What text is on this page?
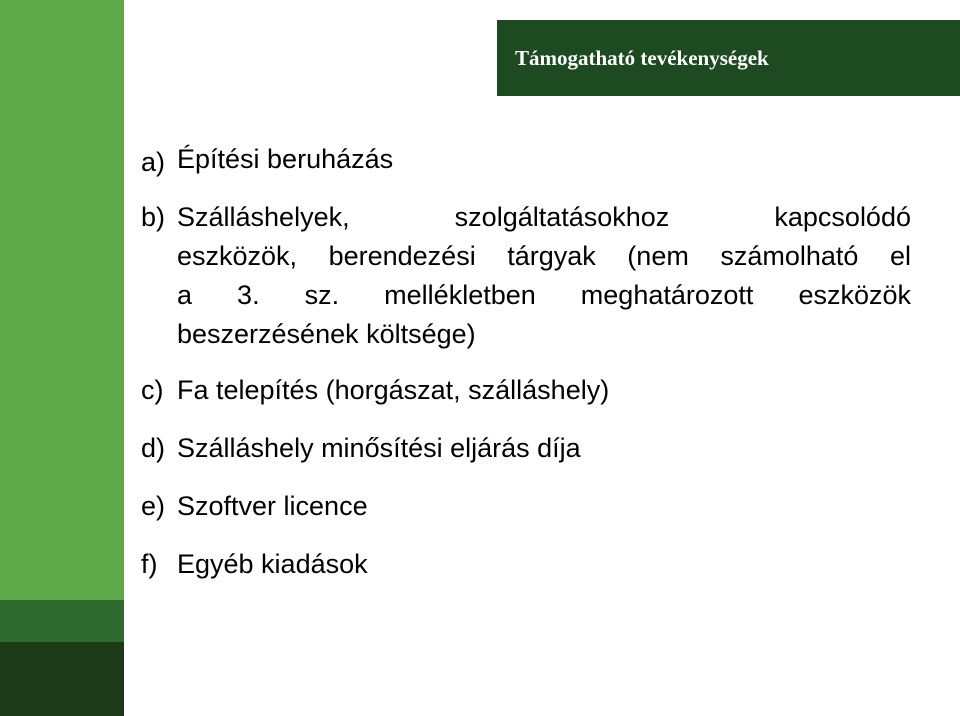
Támogatható tevékenységek
a) Építési beruházás
b) Szálláshelyek, szolgáltatásokhoz kapcsolódó
eszközök, berendezési tárgyak (nem számolható el
a 3. sz. mellékletben meghatározott eszközök
beszerzésének költsége)
c) Fa telepítés (horgászat, szálláshely)
d) Szálláshely minősítési eljárás díja
e) Szoftver licence
f) Egyéb kiadások
